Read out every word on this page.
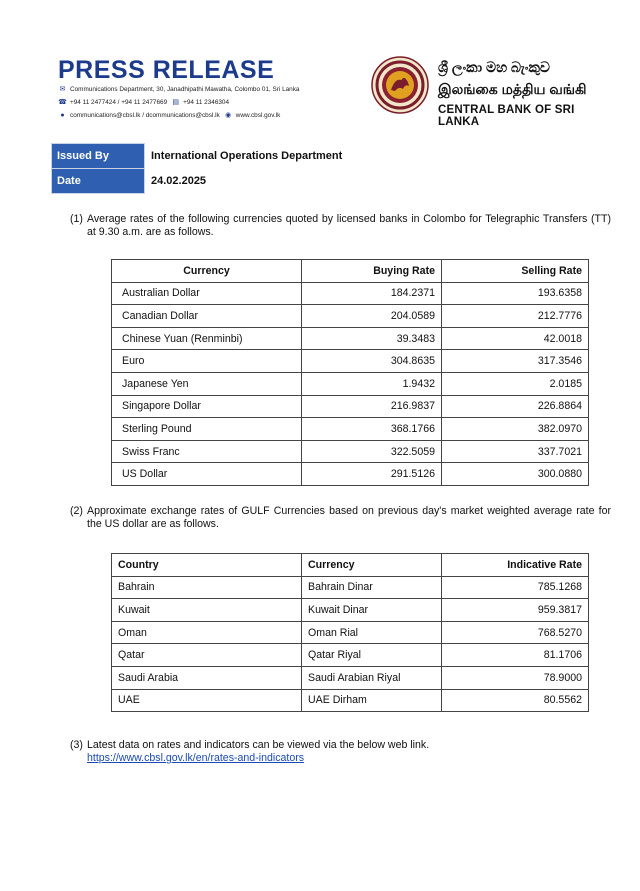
PRESS RELEASE
✉ Communications Department, 30, Janadhipathi Mawatha, Colombo 01, Sri Lanka
☎ +94 11 2477424 / +94 11 2477669 ▤ +94 11 2346304
● communications@cbsl.lk / dcommunications@cbsl.lk ◉ www.cbsl.gov.lk
ශ්‍රී ලංකා මහ බැංකුව
இலங்கை மத்திய வங்கி
CENTRAL BANK OF SRI LANKA
Issued By	International Operations Department
Date	24.02.2025
(1) Average rates of the following currencies quoted by licensed banks in Colombo for Telegraphic Transfers (TT) at 9.30 a.m. are as follows.
Currency	Buying Rate	Selling Rate
Australian Dollar	184.2371	193.6358
Canadian Dollar	204.0589	212.7776
Chinese Yuan (Renminbi)	39.3483	42.0018
Euro	304.8635	317.3546
Japanese Yen	1.9432	2.0185
Singapore Dollar	216.9837	226.8864
Sterling Pound	368.1766	382.0970
Swiss Franc	322.5059	337.7021
US Dollar	291.5126	300.0880
(2) Approximate exchange rates of GULF Currencies based on previous day's market weighted average rate for the US dollar are as follows.
Country	Currency	Indicative Rate
Bahrain	Bahrain Dinar	785.1268
Kuwait	Kuwait Dinar	959.3817
Oman	Oman Rial	768.5270
Qatar	Qatar Riyal	81.1706
Saudi Arabia	Saudi Arabian Riyal	78.9000
UAE	UAE Dirham	80.5562
(3) Latest data on rates and indicators can be viewed via the below web link.
https://www.cbsl.gov.lk/en/rates-and-indicators
